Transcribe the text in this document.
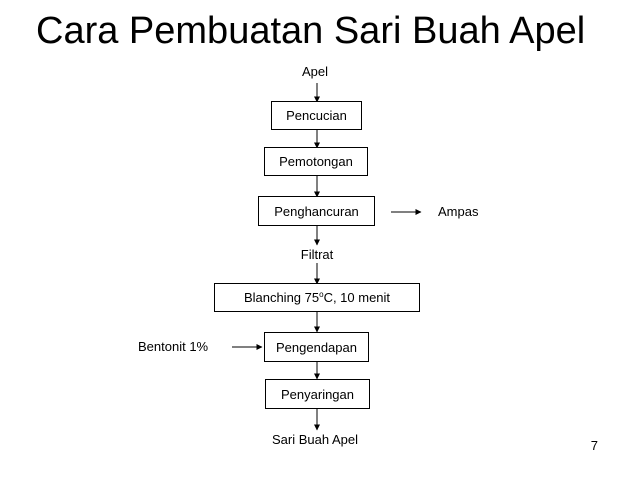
Cara Pembuatan Sari Buah Apel
Apel
Pencucian
Pemotongan
Penghancuran	Ampas
Filtrat
Blanching 75$^o$C, 10 menit
Bentonit 1%	Pengendapan
Penyaringan
Sari Buah Apel	7
